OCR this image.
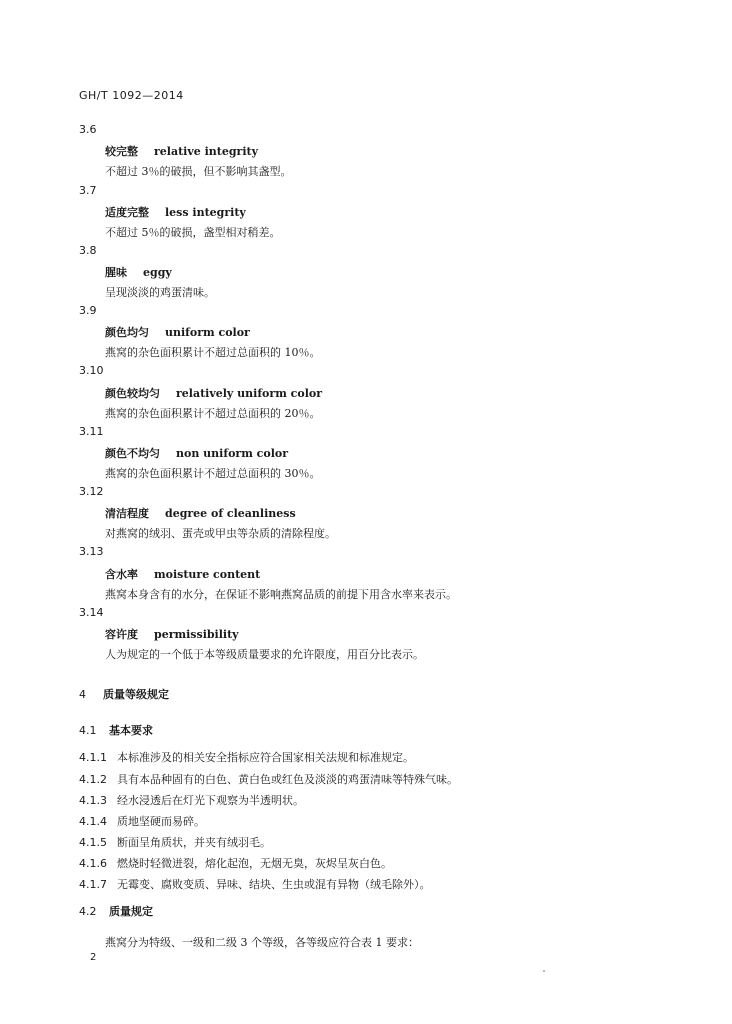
GH/T 1092—2014
3.6
较完整 relative integrity
不超过 3％的破损，但不影响其盏型。
3.7
适度完整 less integrity
不超过 5％的破损，盏型相对稍差。
3.8
腥味 eggy
呈现淡淡的鸡蛋清味。
3.9
颜色均匀 uniform color
燕窝的杂色面积累计不超过总面积的 10％。
3.10
颜色较均匀 relatively uniform color
燕窝的杂色面积累计不超过总面积的 20％。
3.11
颜色不均匀 non uniform color
燕窝的杂色面积累计不超过总面积的 30％。
3.12
清洁程度 degree of cleanliness
对燕窝的绒羽、蛋壳或甲虫等杂质的清除程度。
3.13
含水率 moisture content
燕窝本身含有的水分，在保证不影响燕窝品质的前提下用含水率来表示。
3.14
容许度 permissibility
人为规定的一个低于本等级质量要求的允许限度，用百分比表示。
4 质量等级规定
4.1 基本要求
4.1.1 本标准涉及的相关安全指标应符合国家相关法规和标准规定。
4.1.2 具有本品种固有的白色、黄白色或红色及淡淡的鸡蛋清味等特殊气味。
4.1.3 经水浸透后在灯光下观察为半透明状。
4.1.4 质地坚硬而易碎。
4.1.5 断面呈角质状，并夹有绒羽毛。
4.1.6 燃烧时轻微迸裂，熔化起泡，无烟无臭，灰烬呈灰白色。
4.1.7 无霉变、腐败变质、异味、结块、生虫或混有异物（绒毛除外）。
4.2 质量规定
燕窝分为特级、一级和二级 3 个等级，各等级应符合表 1 要求：
2
